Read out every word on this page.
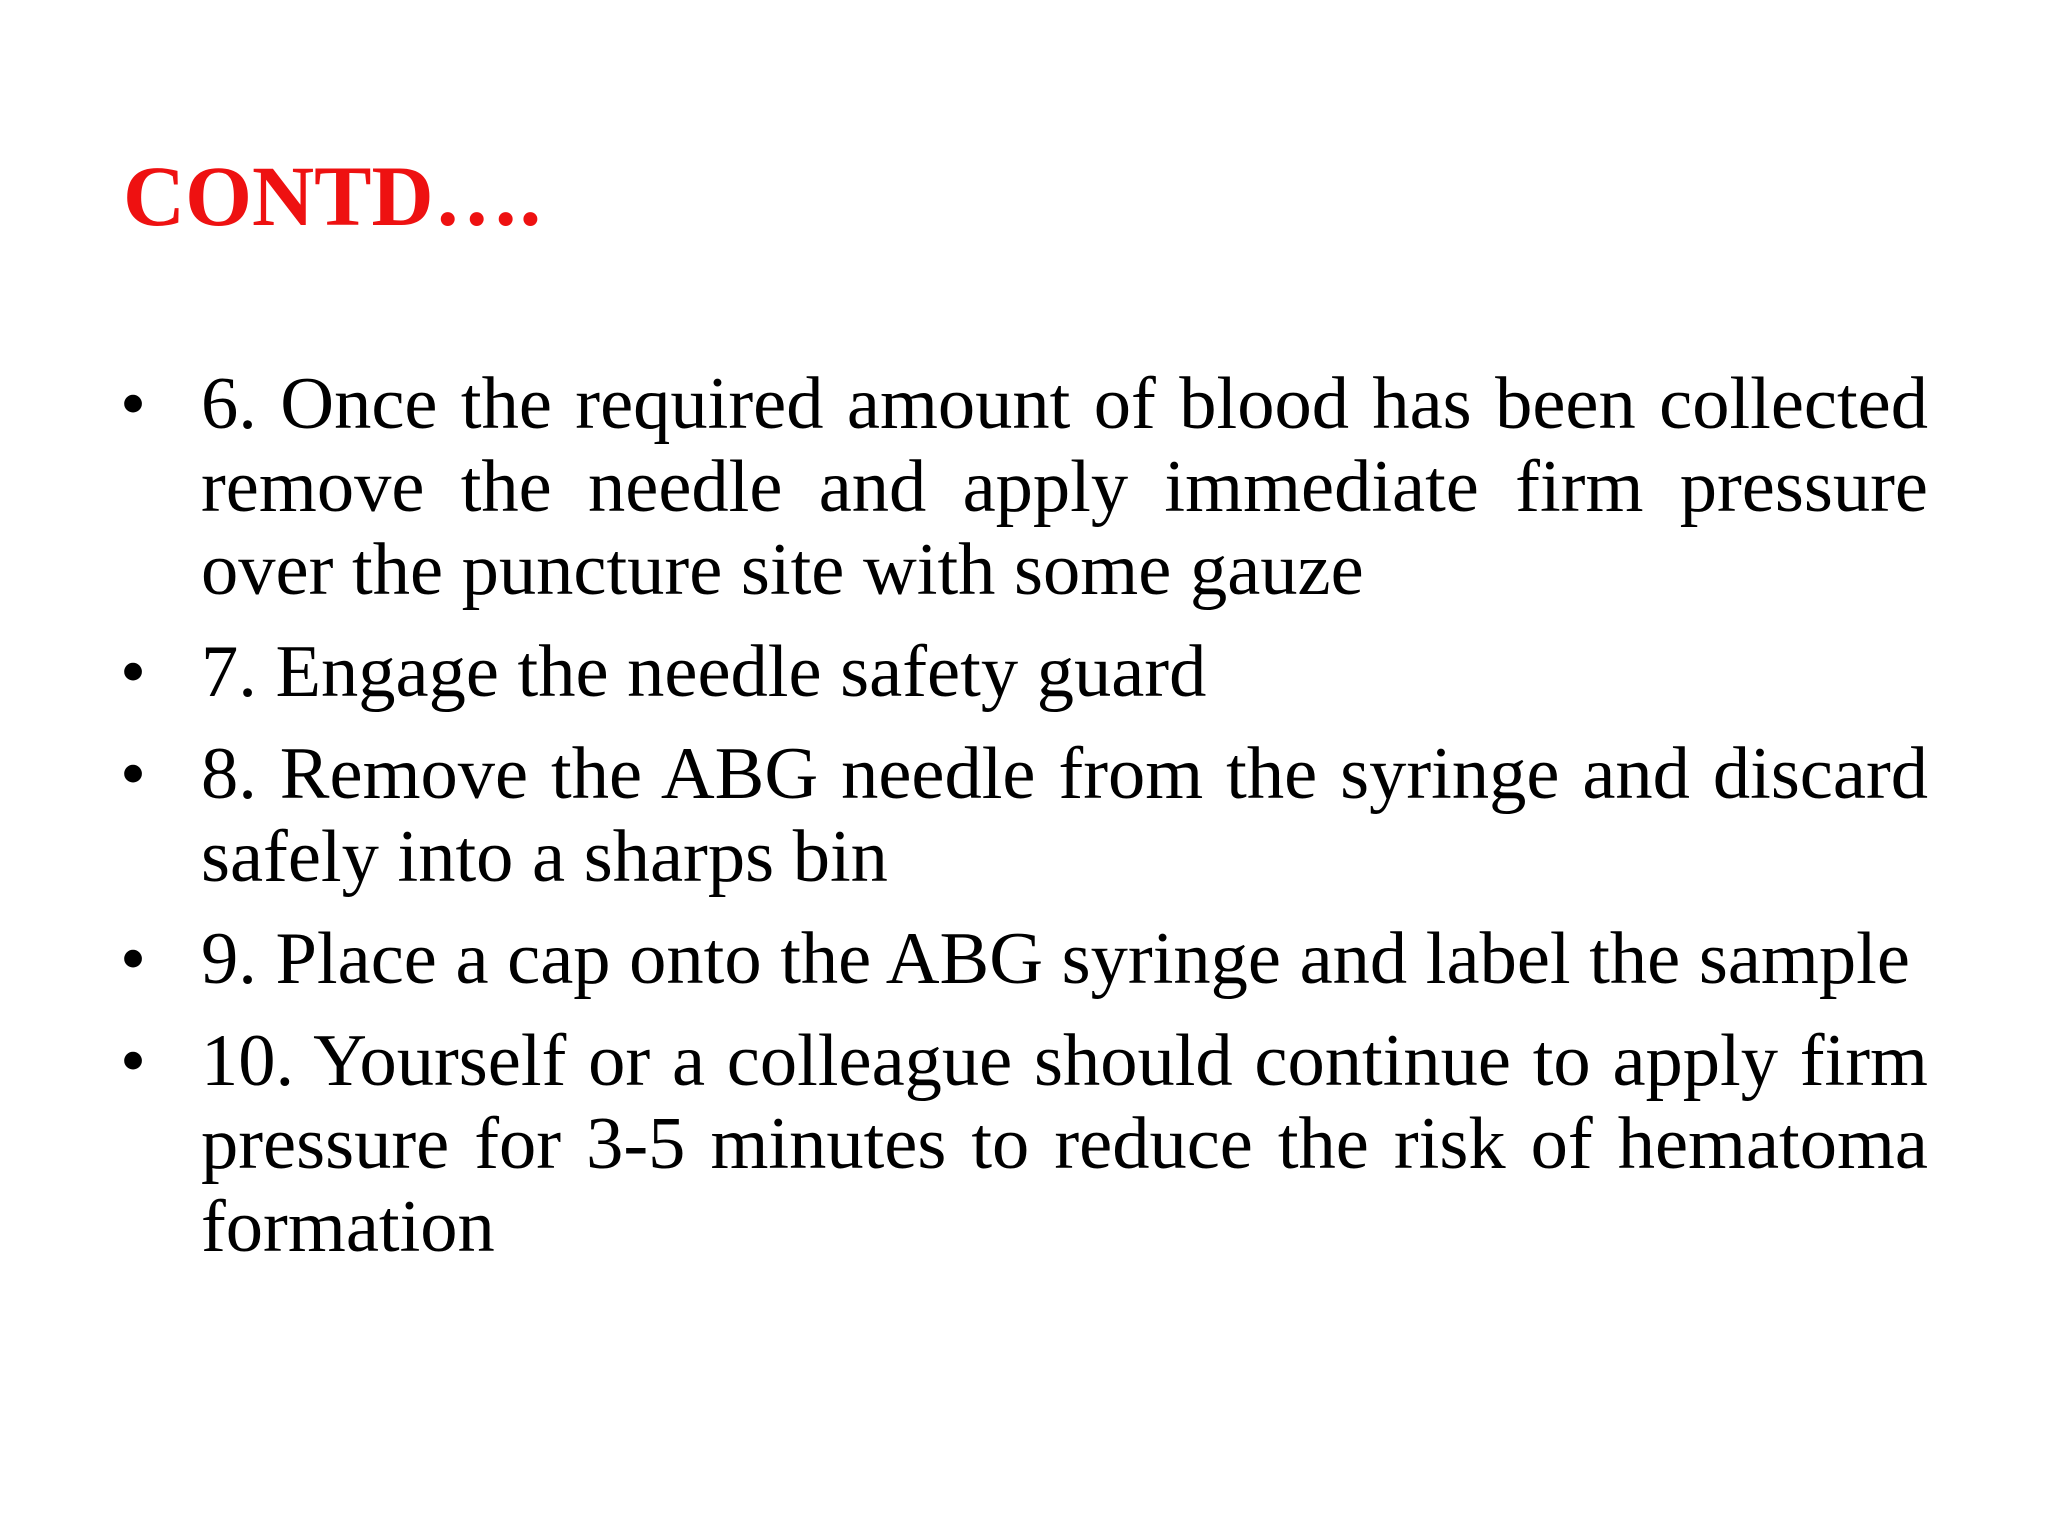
CONTD….
• 6. Once the required amount of blood has been collected remove the needle and apply immediate firm pressure over the puncture site with some gauze
• 7. Engage the needle safety guard
• 8. Remove the ABG needle from the syringe and discard safely into a sharps bin
• 9. Place a cap onto the ABG syringe and label the sample
• 10. Yourself or a colleague should continue to apply firm pressure for 3-5 minutes to reduce the risk of hematoma formation
